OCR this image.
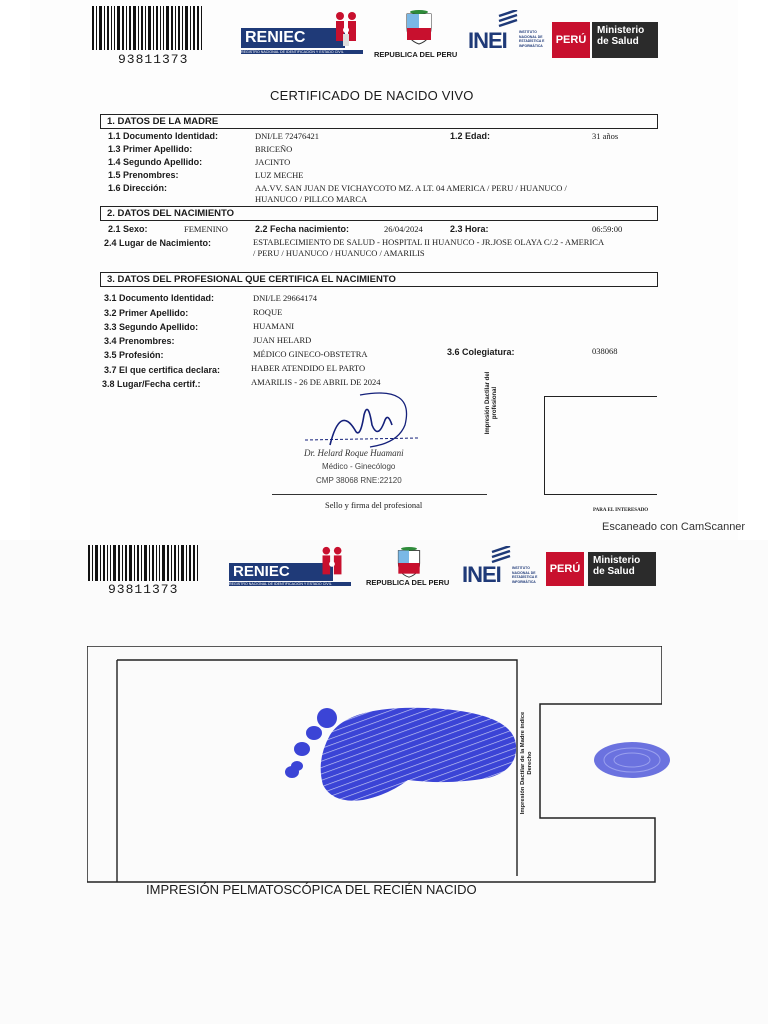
93811373
RENIEC
REGISTRO NACIONAL DE IDENTIFICACIÓN Y ESTADO CIVIL	REPUBLICA DEL PERU
INEI	INSTITUTO NACIONAL DE ESTADÍSTICA E INFORMÁTICA	PERÚ
Ministerio de Salud
CERTIFICADO DE NACIDO VIVO
1. DATOS DE LA MADRE
1.1 Documento Identidad:	DNI/LE 72476421	1.2 Edad:	31 años
1.3 Primer Apellido:	BRICEÑO
1.4 Segundo Apellido:	JACINTO
1.5 Prenombres:	LUZ MECHE
1.6 Dirección:	AA.VV. SAN JUAN DE VICHAYCOTO MZ. A LT. 04 AMERICA / PERU / HUANUCO /
HUANUCO / PILLCO MARCA
2. DATOS DEL NACIMIENTO
2.1 Sexo:	FEMENINO	2.2 Fecha nacimiento:	26/04/2024	2.3 Hora:	06:59:00
2.4 Lugar de Nacimiento:	ESTABLECIMIENTO DE SALUD - HOSPITAL II HUANUCO - JR.JOSE OLAYA C/.2 - AMERICA
/ PERU / HUANUCO / HUANUCO / AMARILIS
3. DATOS DEL PROFESIONAL QUE CERTIFICA EL NACIMIENTO
3.1 Documento Identidad:	DNI/LE 29664174
3.2 Primer Apellido:	ROQUE
3.3 Segundo Apellido:	HUAMANI
3.4 Prenombres:	JUAN HELARD
3.5 Profesión:	MÉDICO GINECO-OBSTETRA	3.6 Colegiatura:	038068
3.7 El que certifica declara:	HABER ATENDIDO EL PARTO
3.8 Lugar/Fecha certif.:	AMARILIS - 26 DE ABRIL DE 2024
Dr. Helard Roque Huamani
Médico - Ginecólogo
CMP 38068 RNE:22120
Sello y firma del profesional
Impresión Dactilar del profesional
PARA EL INTERESADO
Escaneado con CamScanner
93811373
RENIEC
REGISTRO NACIONAL DE IDENTIFICACIÓN Y ESTADO CIVIL	REPUBLICA DEL PERU INEI	INSTITUTO NACIONAL DE ESTADÍSTICA E INFORMÁTICA
PERÚ
Ministerio de Salud
Impresión Dactilar de la Madre índice Derecho
IMPRESIÓN PELMATOSCÓPICA DEL RECIÉN NACIDO
